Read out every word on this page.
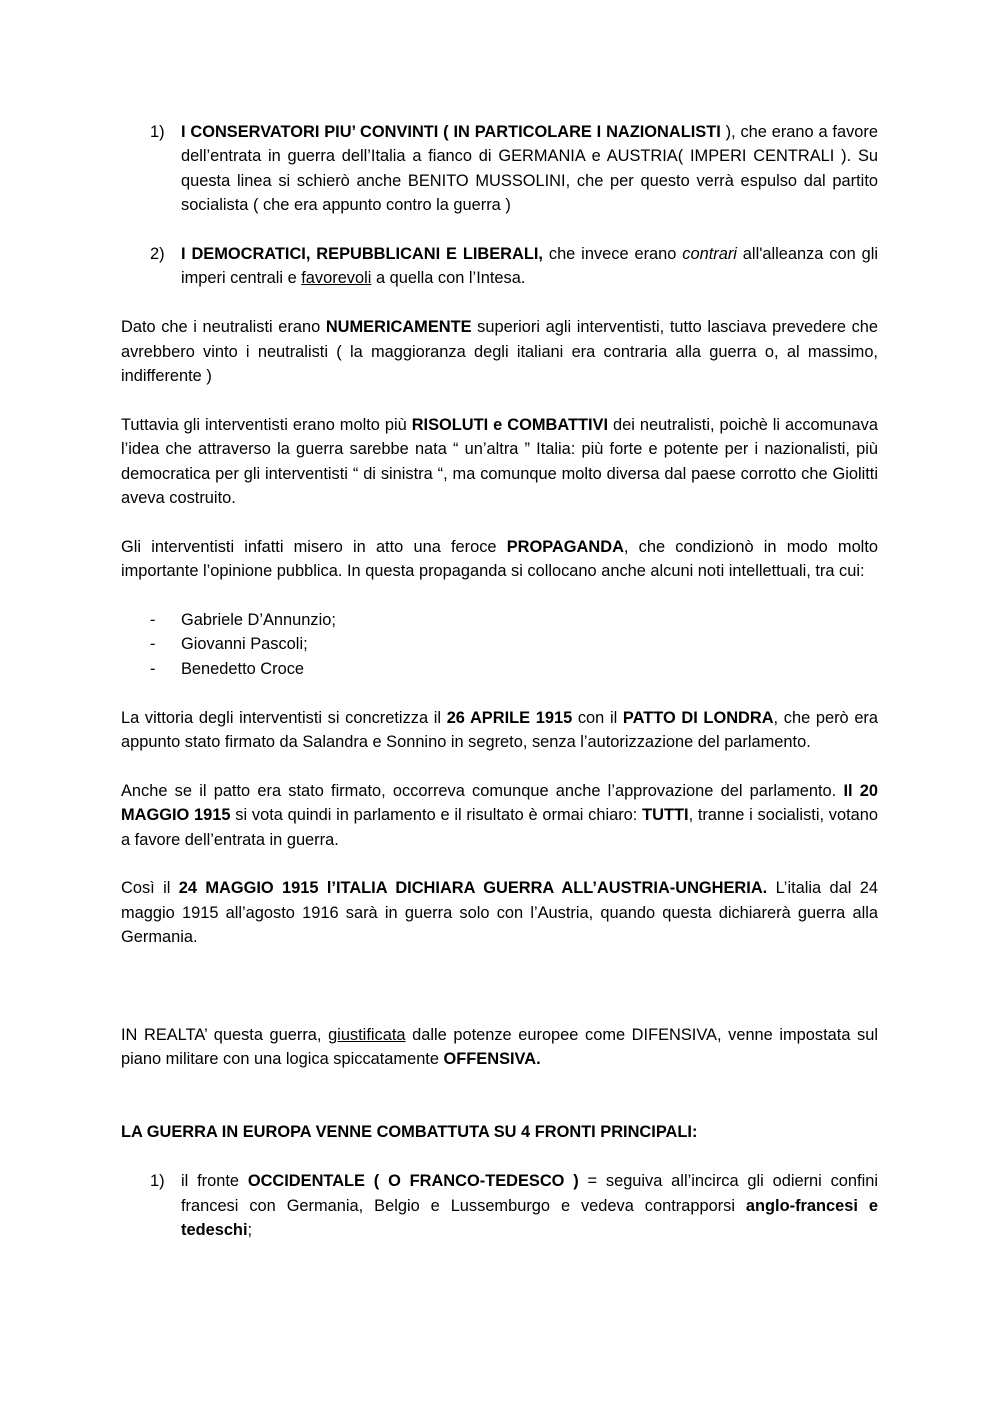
1) I CONSERVATORI PIU’ CONVINTI ( IN PARTICOLARE I NAZIONALISTI ), che erano a favore dell’entrata in guerra dell’Italia a fianco di GERMANIA e AUSTRIA( IMPERI CENTRALI ). Su questa linea si schierò anche BENITO MUSSOLINI, che per questo verrà espulso dal partito socialista ( che era appunto contro la guerra )
2) I DEMOCRATICI, REPUBBLICANI E LIBERALI, che invece erano contrari all'alleanza con gli imperi centrali e favorevoli a quella con l’Intesa.

Dato che i neutralisti erano NUMERICAMENTE superiori agli interventisti, tutto lasciava prevedere che avrebbero vinto i neutralisti ( la maggioranza degli italiani era contraria alla guerra o, al massimo, indifferente )

Tuttavia gli interventisti erano molto più RISOLUTI e COMBATTIVI dei neutralisti, poichè li accomunava l’idea che attraverso la guerra sarebbe nata “ un’altra ” Italia: più forte e potente per i nazionalisti, più democratica per gli interventisti “ di sinistra “, ma comunque molto diversa dal paese corrotto che Giolitti aveva costruito.

Gli interventisti infatti misero in atto una feroce PROPAGANDA, che condizionò in modo molto importante l’opinione pubblica. In questa propaganda si collocano anche alcuni noti intellettuali, tra cui:

- Gabriele D’Annunzio;
- Giovanni Pascoli;
- Benedetto Croce

La vittoria degli interventisti si concretizza il 26 APRILE 1915 con il PATTO DI LONDRA, che però era appunto stato firmato da Salandra e Sonnino in segreto, senza l’autorizzazione del parlamento.

Anche se il patto era stato firmato, occorreva comunque anche l’approvazione del parlamento. Il 20 MAGGIO 1915 si vota quindi in parlamento e il risultato è ormai chiaro: TUTTI, tranne i socialisti, votano a favore dell’entrata in guerra.

Così il 24 MAGGIO 1915 l’ITALIA DICHIARA GUERRA ALL’AUSTRIA-UNGHERIA. L’italia dal 24 maggio 1915 all’agosto 1916 sarà in guerra solo con l’Austria, quando questa dichiarerà guerra alla Germania.

IN REALTA’ questa guerra, giustificata dalle potenze europee come DIFENSIVA, venne impostata sul piano militare con una logica spiccatamente OFFENSIVA.

LA GUERRA IN EUROPA VENNE COMBATTUTA SU 4 FRONTI PRINCIPALI:

1) il fronte OCCIDENTALE ( O FRANCO-TEDESCO ) = seguiva all’incirca gli odierni confini francesi con Germania, Belgio e Lussemburgo e vedeva contrapporsi anglo-francesi e tedeschi;
